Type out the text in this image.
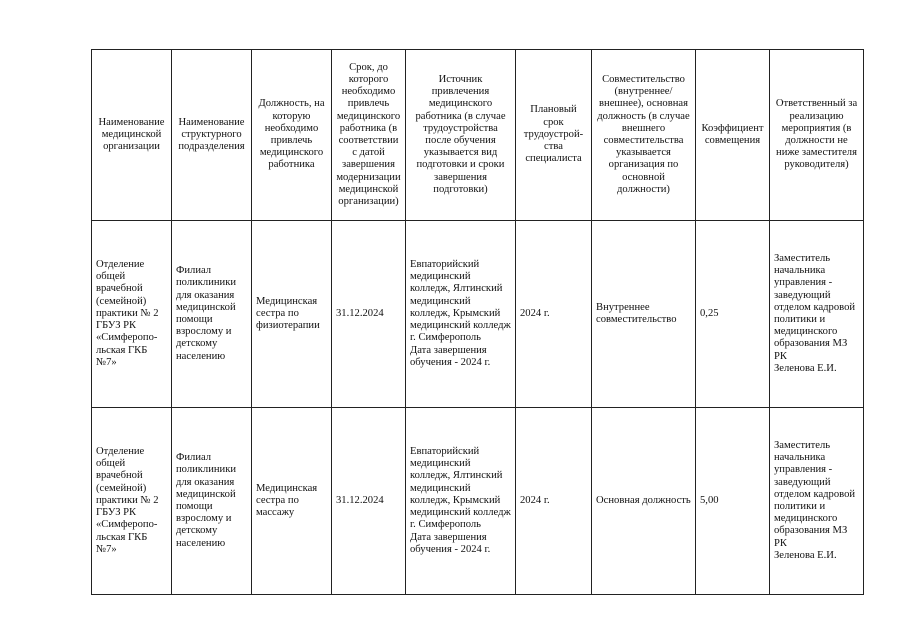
Наименование медицинской организации	Наименование структурного подразделения	Должность, на которую необходимо привлечь медицинского работника	Срок, до которого необходимо привлечь медицинского работника (в соответствии с датой завершения модернизации медицинской организации)	Источник привлечения медицинского работника (в случае трудоустройства после обучения указывается вид подготовки и сроки завершения подготовки)	Плановый срок трудоустрой-ства специалиста	Совместительство (внутреннее/ внешнее), основная должность (в случае внешнего совместительства указывается организация по основной должности)	Коэффициент совмещения	Ответственный за реализацию мероприятия (в должности не ниже заместителя руководителя)
Отделение общей врачебной (семейной) практики № 2 ГБУЗ РК «Симферопо-льская ГКБ №7»	Филиал поликлиники для оказания медицинской помощи взрослому и детскому населению	Медицинская сестра по физиотерапии	31.12.2024	Евпаторийский медицинский колледж, Ялтинский медицинский колледж, Крымский медицинский колледж
г. Симферополь
Дата завершения обучения - 2024 г.	2024 г.	Внутреннее совместительство	0,25	Заместитель начальника управления - заведующий отделом кадровой политики и медицинского образования МЗ РК
Зеленова Е.И.
Отделение общей врачебной (семейной) практики № 2 ГБУЗ РК «Симферопо-льская ГКБ №7»	Филиал поликлиники для оказания медицинской помощи взрослому и детскому населению	Медицинская сестра по массажу	31.12.2024	Евпаторийский медицинский колледж, Ялтинский медицинский колледж, Крымский медицинский колледж
г. Симферополь
Дата завершения обучения - 2024 г.	2024 г.	Основная должность	5,00	Заместитель начальника управления - заведующий отделом кадровой политики и медицинского образования МЗ РК
Зеленова Е.И.
